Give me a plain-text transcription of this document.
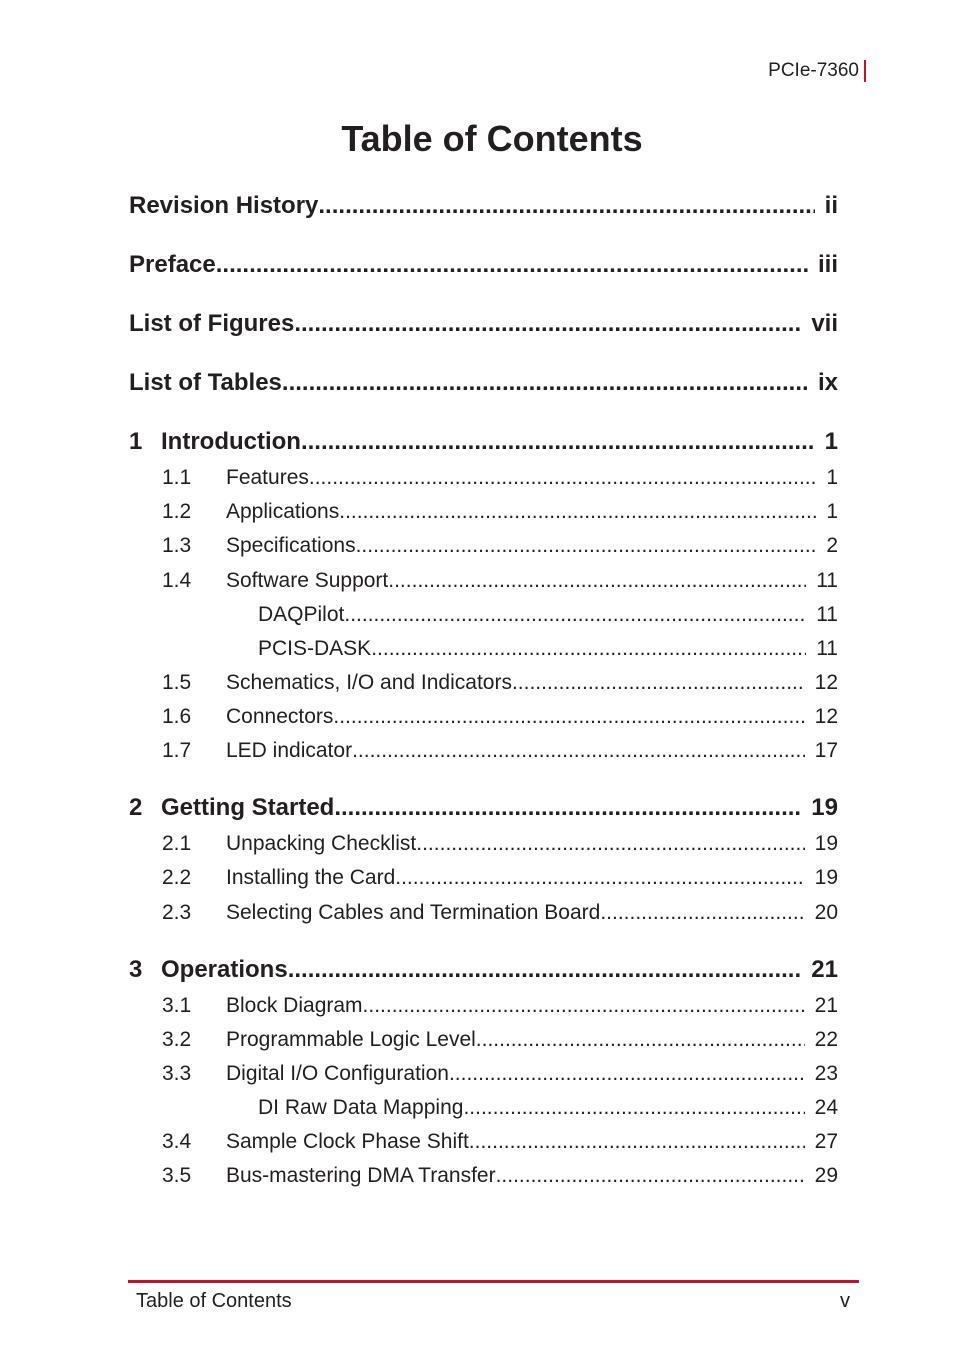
PCIe-7360
Table of Contents
Revision History .....	ii
Preface .....	iii
List of Figures .....	vii
List of Tables .....	ix
1 Introduction .....	1
1.1 Features .....	1
1.2 Applications .....	1
1.3 Specifications .....	2
1.4 Software Support .....	11
DAQPilot .....	11
PCIS-DASK .....	11
1.5 Schematics, I/O and Indicators .....	12
1.6 Connectors .....	12
1.7 LED indicator .....	17
2 Getting Started .....	19
2.1 Unpacking Checklist .....	19
2.2 Installing the Card .....	19
2.3 Selecting Cables and Termination Board .....	20
3 Operations .....	21
3.1 Block Diagram .....	21
3.2 Programmable Logic Level .....	22
3.3 Digital I/O Configuration .....	23
DI Raw Data Mapping .....	24
3.4 Sample Clock Phase Shift .....	27
3.5 Bus-mastering DMA Transfer .....	29
Table of Contents	v
